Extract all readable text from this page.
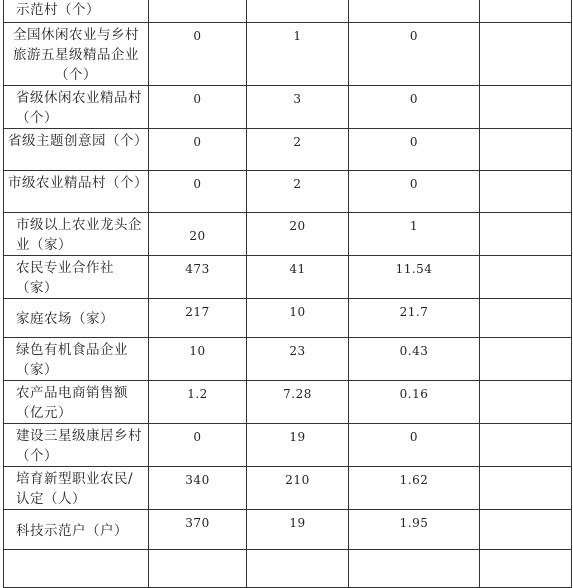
示范村（个）				
全国休闲农业与乡村旅游五星级精品企业（个）	0	1	0	
省级休闲农业精品村（个）	0	3	0	
省级主题创意园（个）	0	2	0	
市级农业精品村（个）	0	2	0	
市级以上农业龙头企业（家）	20	20	1	
农民专业合作社（家）	473	41	11.54	
家庭农场（家）	217	10	21.7	
绿色有机食品企业（家）	10	23	0.43	
农产品电商销售额（亿元）	1.2	7.28	0.16	
建设三星级康居乡村 （个）	0	19	0	
培育新型职业农民/认定（人）	340	210	1.62	
科技示范户（户）	370	19	1.95	
